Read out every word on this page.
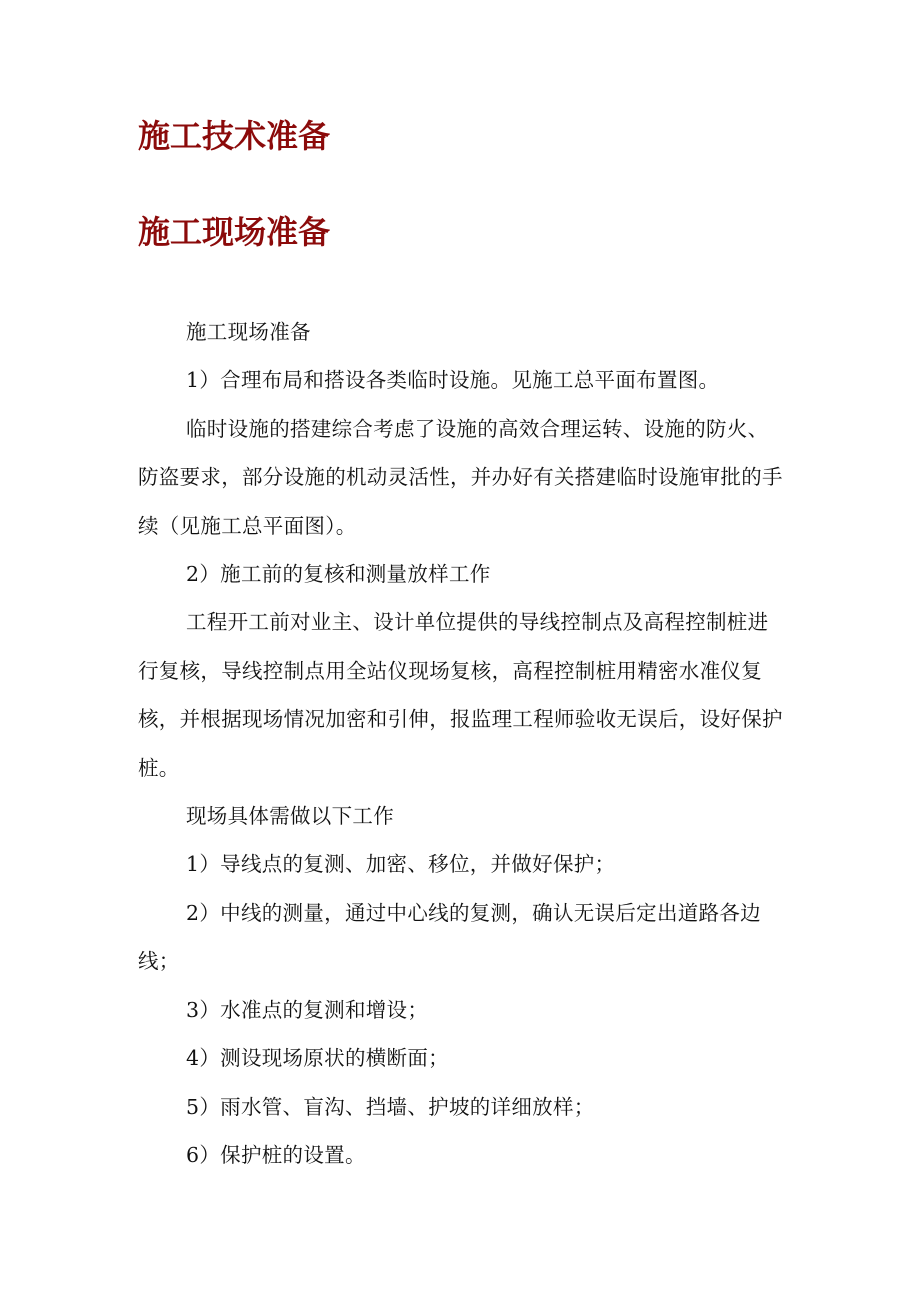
施工技术准备
施工现场准备

施工现场准备

1）合理布局和搭设各类临时设施。见施工总平面布置图。

临时设施的搭建综合考虑了设施的高效合理运转、设施的防火、防盗要求，部分设施的机动灵活性，并办好有关搭建临时设施审批的手续（见施工总平面图）。

2）施工前的复核和测量放样工作

工程开工前对业主、设计单位提供的导线控制点及高程控制桩进行复核，导线控制点用全站仪现场复核，高程控制桩用精密水准仪复核，并根据现场情况加密和引伸，报监理工程师验收无误后，设好保护桩。

现场具体需做以下工作

1）导线点的复测、加密、移位，并做好保护；

2）中线的测量，通过中心线的复测，确认无误后定出道路各边线；

3）水准点的复测和增设；

4）测设现场原状的横断面；

5）雨水管、盲沟、挡墙、护坡的详细放样；

6）保护桩的设置。
